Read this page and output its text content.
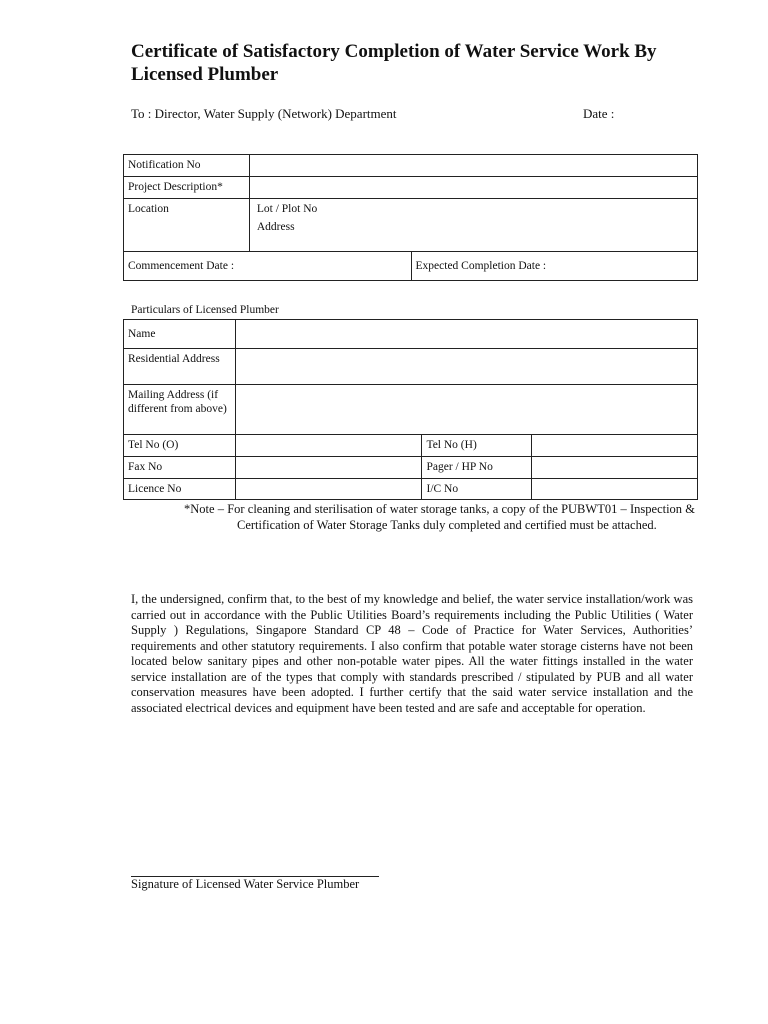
Certificate of Satisfactory Completion of Water Service Work By Licensed Plumber
To : Director, Water Supply (Network) Department	Date :
Notification No		
Project Description*		
Location	Lot / Plot No
Address	

Commencement Date :		Expected Completion Date :
Particulars of Licensed Plumber
Name			
Residential Address			
Mailing Address (if different from above)			
Tel No (O)		Tel No (H)	
Fax No		Pager / HP No	
Licence No		I/C No	
*Note – For cleaning and sterilisation of water storage tanks, a copy of the PUBWT01 – Inspection & Certification of Water Storage Tanks duly completed and certified must be attached.
I, the undersigned, confirm that, to the best of my knowledge and belief, the water service installation/work was carried out in accordance with the Public Utilities Board’s requirements including the Public Utilities ( Water Supply ) Regulations, Singapore Standard CP 48 – Code of Practice for Water Services, Authorities’ requirements and other statutory requirements. I also confirm that potable water storage cisterns have not been located below sanitary pipes and other non-potable water pipes. All the water fittings installed in the water service installation are of the types that comply with standards prescribed / stipulated by PUB and all water conservation measures have been adopted. I further certify that the said water service installation and the associated electrical devices and equipment have been tested and are safe and acceptable for operation.
Signature of Licensed Water Service Plumber
